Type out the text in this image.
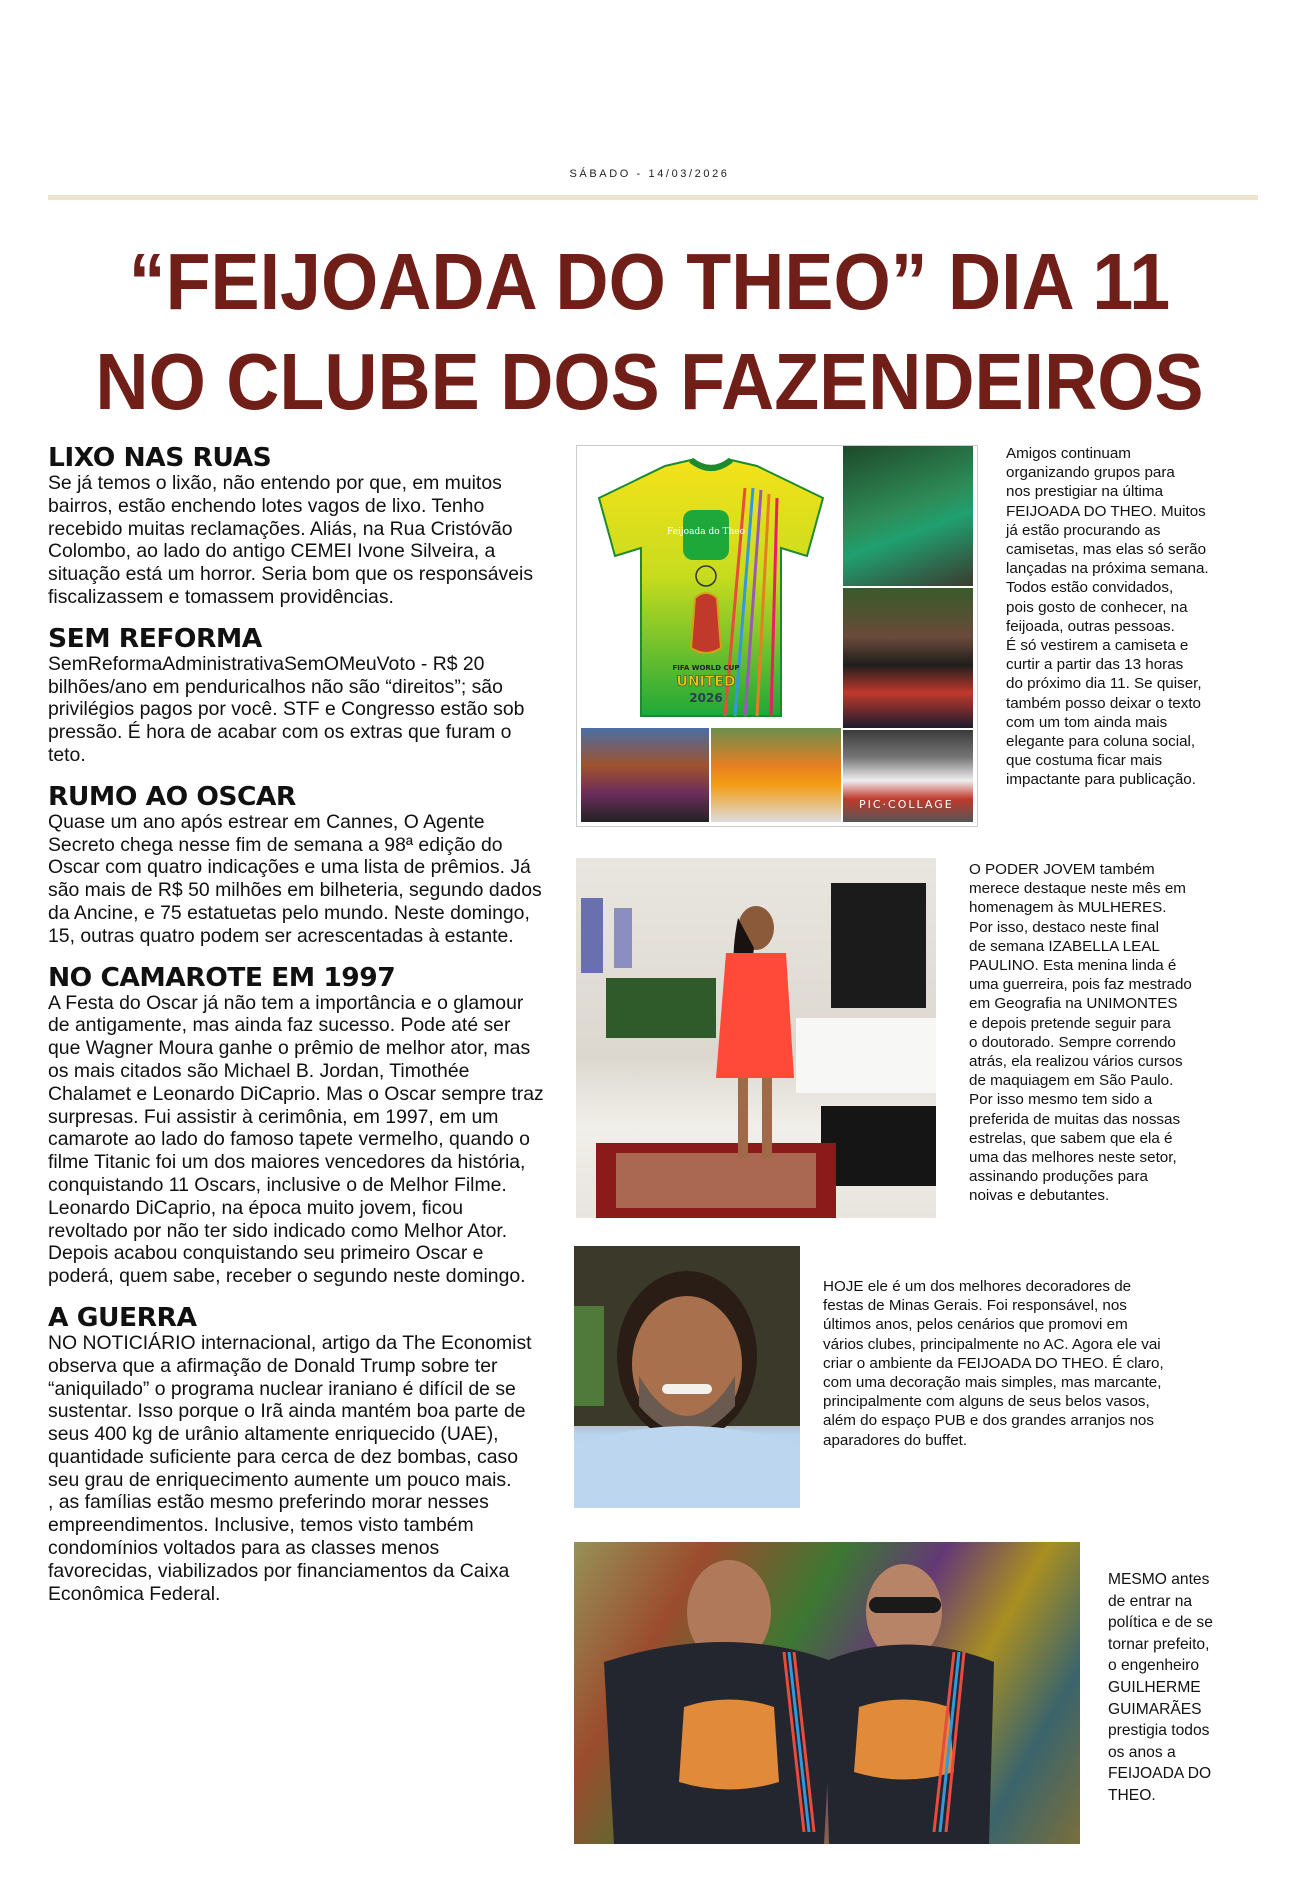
SÁBADO - 14/03/2026
“FEIJOADA DO THEO” DIA 11
NO CLUBE DOS FAZENDEIROS
LIXO NAS RUAS

Se já temos o lixão, não entendo por que, em muitos bairros, estão enchendo lotes vagos de lixo. Tenho recebido muitas reclamações. Aliás, na Rua Cristóvão Colombo, ao lado do antigo CEMEI Ivone Silveira, a situação está um horror. Seria bom que os responsáveis fiscalizassem e tomassem providências.

SEM REFORMA

SemReformaAdministrativaSemOMeuVoto - R$ 20 bilhões/ano em penduricalhos não são “direitos”; são privilégios pagos por você. STF e Congresso estão sob pressão. É hora de acabar com os extras que furam o teto.

RUMO AO OSCAR

Quase um ano após estrear em Cannes, O Agente Secreto chega nesse fim de semana a 98ª edição do Oscar com quatro indicações e uma lista de prêmios. Já são mais de R$ 50 milhões em bilheteria, segundo dados da Ancine, e 75 estatuetas pelo mundo. Neste domingo, 15, outras quatro podem ser acrescentadas à estante.

NO CAMAROTE EM 1997

A Festa do Oscar já não tem a importância e o glamour de antigamente, mas ainda faz sucesso. Pode até ser que Wagner Moura ganhe o prêmio de melhor ator, mas os mais citados são Michael B. Jordan, Timothée Chalamet e Leonardo DiCaprio. Mas o Oscar sempre traz surpresas. Fui assistir à cerimônia, em 1997, em um camarote ao lado do famoso tapete vermelho, quando o filme Titanic foi um dos maiores vencedores da história, conquistando 11 Oscars, inclusive o de Melhor Filme. Leonardo DiCaprio, na época muito jovem, ficou revoltado por não ter sido indicado como Melhor Ator. Depois acabou conquistando seu primeiro Oscar e poderá, quem sabe, receber o segundo neste domingo.

A GUERRA

NO NOTICIÁRIO internacional, artigo da The Economist observa que a afirmação de Donald Trump sobre ter “aniquilado” o programa nuclear iraniano é difícil de se sustentar. Isso porque o Irã ainda mantém boa parte de seus 400 kg de urânio altamente enriquecido (UAE), quantidade suficiente para cerca de dez bombas, caso seu grau de enriquecimento aumente um pouco mais.
, as famílias estão mesmo preferindo morar nesses empreendimentos. Inclusive, temos visto também condomínios voltados para as classes menos favorecidas, viabilizados por financiamentos da Caixa Econômica Federal.

Feijoada do Theo
FIFA WORLD CUP
UNITED
2026
PIC·COLLAGE
Amigos continuam
organizando grupos para
nos prestigiar na última
FEIJOADA DO THEO. Muitos
já estão procurando as
camisetas, mas elas só serão
lançadas na próxima semana.
Todos estão convidados,
pois gosto de conhecer, na
feijoada, outras pessoas.
É só vestirem a camiseta e
curtir a partir das 13 horas
do próximo dia 11. Se quiser,
também posso deixar o texto
com um tom ainda mais
elegante para coluna social,
que costuma ficar mais
impactante para publicação.
O PODER JOVEM também
merece destaque neste mês em
homenagem às MULHERES.
Por isso, destaco neste final
de semana IZABELLA LEAL
PAULINO. Esta menina linda é
uma guerreira, pois faz mestrado
em Geografia na UNIMONTES
e depois pretende seguir para
o doutorado. Sempre correndo
atrás, ela realizou vários cursos
de maquiagem em São Paulo.
Por isso mesmo tem sido a
preferida de muitas das nossas
estrelas, que sabem que ela é
uma das melhores neste setor,
assinando produções para
noivas e debutantes.
HOJE ele é um dos melhores decoradores de
festas de Minas Gerais. Foi responsável, nos
últimos anos, pelos cenários que promovi em
vários clubes, principalmente no AC. Agora ele vai
criar o ambiente da FEIJOADA DO THEO. É claro,
com uma decoração mais simples, mas marcante,
principalmente com alguns de seus belos vasos,
além do espaço PUB e dos grandes arranjos nos
aparadores do buffet.
MESMO antes
de entrar na
política e de se
tornar prefeito,
o engenheiro
GUILHERME
GUIMARÃES
prestigia todos
os anos a
FEIJOADA DO
THEO.
